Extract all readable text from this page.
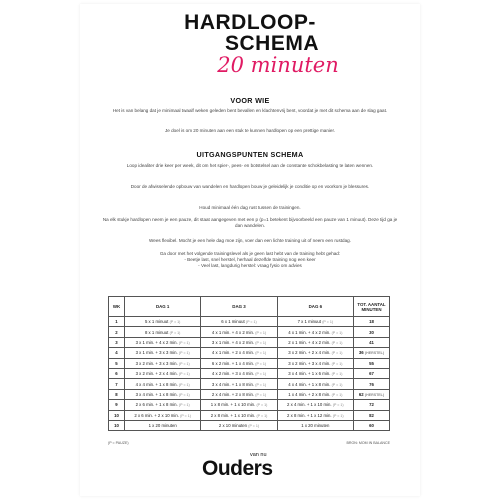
HARDLOOP-
SCHEMA
20 minuten
VOOR WIE
Het is van belang dat je minimaal twaalf weken geleden bent bevallen en klachtenvrij bent, voordat je met dit schema aan de slag gaat.
Je doel is om 20 minuten aan een stuk te kunnen hardlopen op een prettige manier.
UITGANGSPUNTEN SCHEMA
Loop idealiter drie keer per week, dit om het spier-, pees- en botstelsel aan de constante schokbelasting te laten wennen.
Door de afwisselende opbouw van wandelen en hardlopen bouw je geleidelijk je conditie op en voorkom je blessures.
Houd minimaal één dag rust tussen de trainingen.
Na elk stukje hardlopen neem je een pauze, dit staat aangegeven met een p (p=1 betekent bijvoorbeeld een pauze van 1 minuut). Deze tijd ga je dan wandelen.
Wees flexibel. Mocht je een hele dag moe zijn, voer dan een lichte training uit of neem een rustdag.
Ga door met het volgende trainingslevel als je geen last hebt van de training hebt gehad:
- Beetje last, snel herstel, herhaal dezelfde training nog een keer
- Veel last, langdurig herstel: vraag fysio om advies
WK	DAG 1	DAG 3	DAG 6	TOT. AANTAL MINUTEN
1	5 x 1 minuut (P = 1)	6 x 1 minuut (P = 1)	7 x 1 minuut (P = 1)	18
2	8 x 1 minuut (P = 1)	4 x 1 min. + 4 x 2 min. (P = 1)	4 x 1 min. + 4 x 2 min. (P = 1)	30
3	3 x 1 min. + 4 x 2 min. (P = 1)	3 x 1 min. + 4 x 2 min. (P = 1)	2 x 1 min. + 4 x 2 min. (P = 1)	41
4	3 x 1 min. + 3 x 3 min. (P = 1)	4 x 1 min. + 2 x 4 min. (P = 1)	3 x 2 min. + 2 x 4 min. (P = 1)	36 (HERSTEL)
5	3 x 2 min. + 3 x 3 min. (P = 1)	6 x 2 min. + 1 x 4 min. (P = 1)	3 x 2 min. + 3 x 4 min. (P = 1)	55
6	3 x 2 min. + 2 x 4 min. (P = 1)	4 x 2 min. + 3 x 4 min. (P = 1)	3 x 4 min. + 1 x 6 min. (P = 1)	67
7	4 x 4 min. + 1 x 8 min. (P = 1)	3 x 4 min. + 1 x 8 min. (P = 1)	4 x 4 min. + 1 x 8 min. (P = 1)	76
8	3 x 4 min. + 1 x 8 min. (P = 1)	2 x 4 min. + 2 x 8 min. (P = 1)	1 x 4 min. + 2 x 8 min. (P = 1)	62 (HERSTEL)
9	2 x 6 min. + 1 x 8 min. (P = 1)	1 x 8 min. + 1 x 10 min. (P = 1)	2 x 4 min. + 1 x 10 min. (P = 1)	72
10	2 x 6 min. + 2 x 10 min. (P = 1)	2 x 8 min. + 1 x 10 min. (P = 1)	2 x 8 min. + 1 x 12 min. (P = 1)	82
10	1 x 20 minuten	2 x 10 minuten (P = 1)	1 x 20 minuten	60
(P = PAUZE)	BRON: MOM IN BALANCE
van nu
Ouders
